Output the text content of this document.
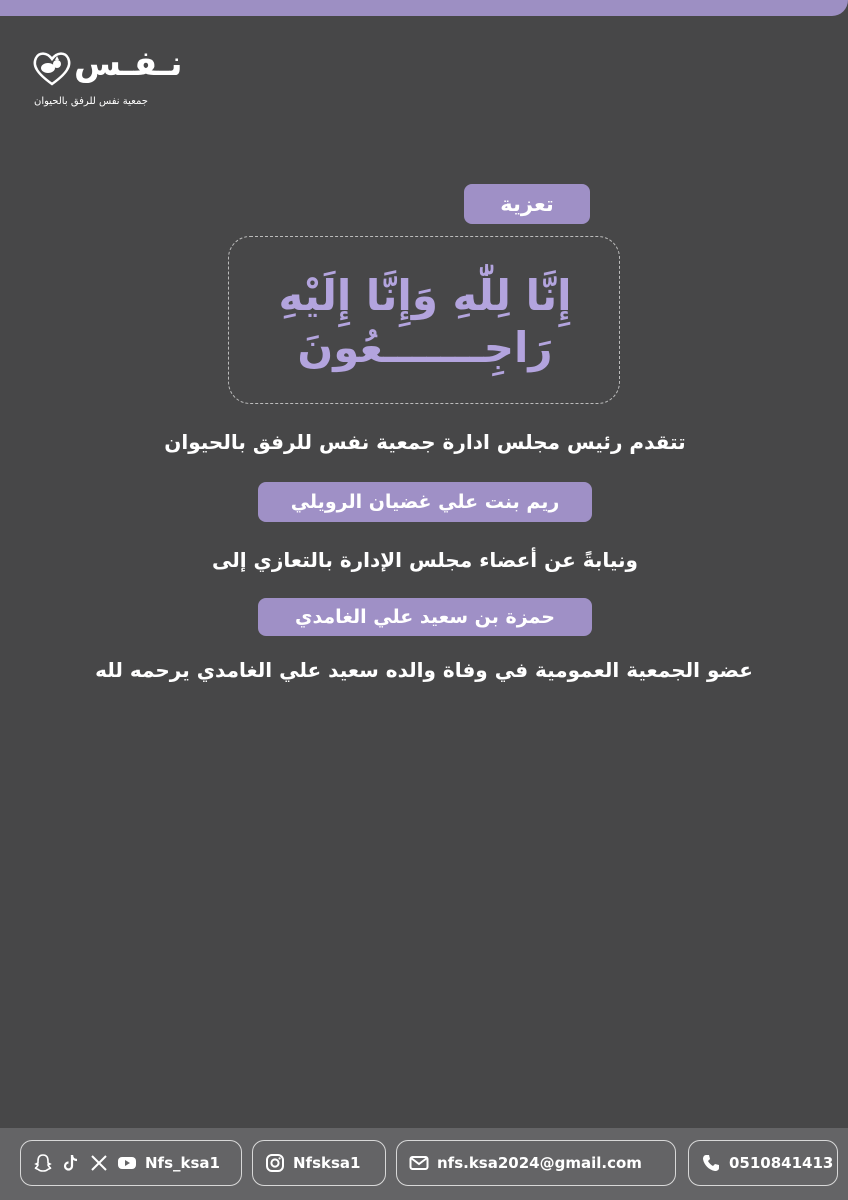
نـفـس
جمعية نفس للرفق بالحيوان
تعزية
إِنَّا لِلّٰهِ وَإِنَّا إِلَيْهِ
رَاجِـــــــعُونَ
تتقدم رئيس مجلس ادارة جمعية نفس للرفق بالحيوان
ريم بنت علي غضيان الرويلي
ونيابةً عن أعضاء مجلس الإدارة بالتعازي إلى
حمزة بن سعيد علي الغامدي
عضو الجمعية العمومية في وفاة والده سعيد علي الغامدي يرحمه لله
Nfs_ksa1	Nfsksa1	nfs.ksa2024@gmail.com	0510841413
